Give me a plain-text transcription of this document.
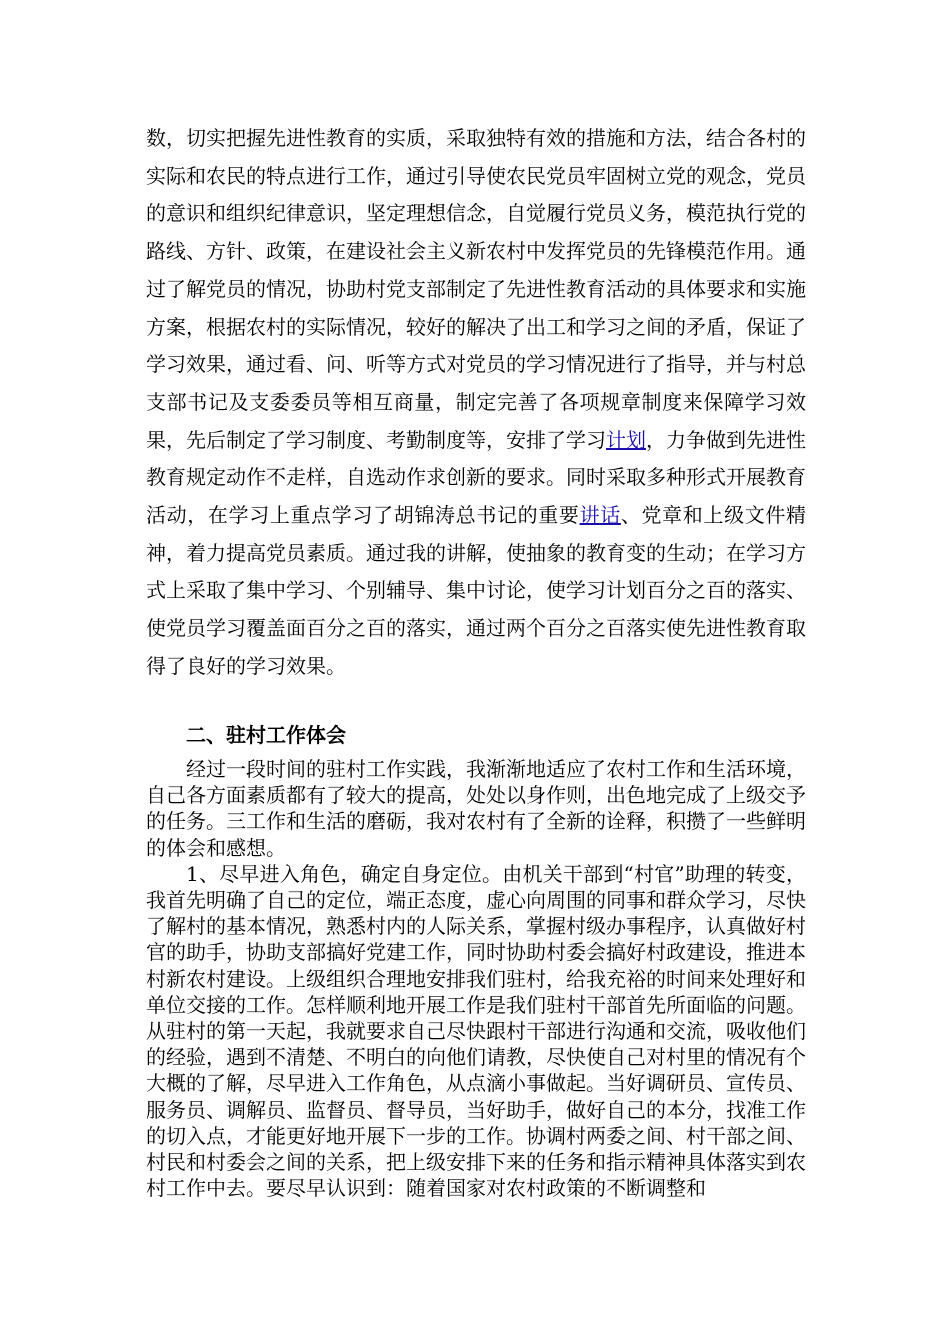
数，切实把握先进性教育的实质，采取独特有效的措施和方法，结合各村的实际和农民的特点进行工作，通过引导使农民党员牢固树立党的观念，党员的意识和组织纪律意识，坚定理想信念，自觉履行党员义务，模范执行党的路线、方针、政策，在建设社会主义新农村中发挥党员的先锋模范作用。通过了解党员的情况，协助村党支部制定了先进性教育活动的具体要求和实施方案，根据农村的实际情况，较好的解决了出工和学习之间的矛盾，保证了学习效果，通过看、问、听等方式对党员的学习情况进行了指导，并与村总支部书记及支委委员等相互商量，制定完善了各项规章制度来保障学习效果，先后制定了学习制度、考勤制度等，安排了学习计划，力争做到先进性教育规定动作不走样，自选动作求创新的要求。同时采取多种形式开展教育活动，在学习上重点学习了胡锦涛总书记的重要讲话、党章和上级文件精神，着力提高党员素质。通过我的讲解，使抽象的教育变的生动；在学习方式上采取了集中学习、个别辅导、集中讨论，使学习计划百分之百的落实、使党员学习覆盖面百分之百的落实，通过两个百分之百落实使先进性教育取得了良好的学习效果。

二、驻村工作体会

经过一段时间的驻村工作实践，我渐渐地适应了农村工作和生活环境，自己各方面素质都有了较大的提高，处处以身作则，出色地完成了上级交予的任务。三工作和生活的磨砺，我对农村有了全新的诠释，积攒了一些鲜明的体会和感想。

1、尽早进入角色，确定自身定位。由机关干部到“村官”助理的转变，我首先明确了自己的定位，端正态度，虚心向周围的同事和群众学习，尽快了解村的基本情况，熟悉村内的人际关系，掌握村级办事程序，认真做好村官的助手，协助支部搞好党建工作，同时协助村委会搞好村政建设，推进本村新农村建设。上级组织合理地安排我们驻村，给我充裕的时间来处理好和单位交接的工作。怎样顺利地开展工作是我们驻村干部首先所面临的问题。从驻村的第一天起，我就要求自己尽快跟村干部进行沟通和交流，吸收他们的经验，遇到不清楚、不明白的向他们请教，尽快使自己对村里的情况有个大概的了解，尽早进入工作角色，从点滴小事做起。当好调研员、宣传员、服务员、调解员、监督员、督导员，当好助手，做好自己的本分，找准工作的切入点，才能更好地开展下一步的工作。协调村两委之间、村干部之间、村民和村委会之间的关系，把上级安排下来的任务和指示精神具体落实到农村工作中去。要尽早认识到：随着国家对农村政策的不断调整和
